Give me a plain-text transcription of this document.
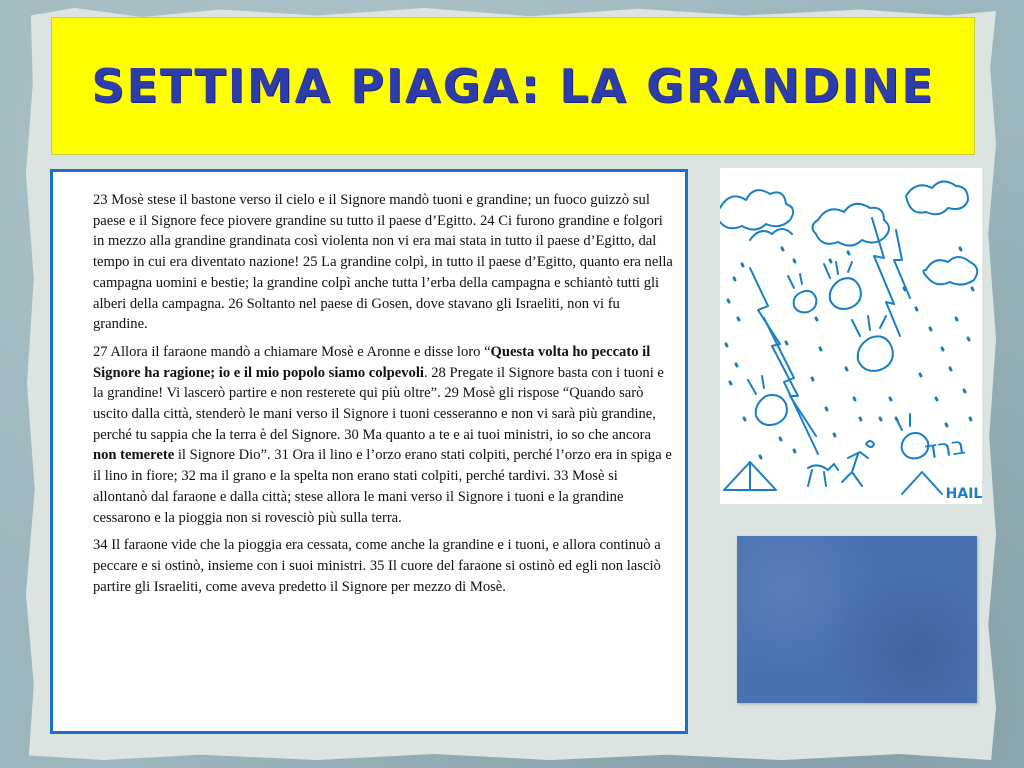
SETTIMA PIAGA: LA GRANDINE

23 Mosè stese il bastone verso il cielo e il Signore mandò tuoni e grandine; un fuoco guizzò sul paese e il Signore fece piovere grandine su tutto il paese d’Egitto. 24 Ci furono grandine e folgori in mezzo alla grandine grandinata così violenta non vi era mai stata in tutto il paese d’Egitto, dal tempo in cui era diventato nazione! 25 La grandine colpì, in tutto il paese d’Egitto, quanto era nella campagna uomini e bestie; la grandine colpì anche tutta l’erba della campagna e schiantò tutti gli alberi della campagna. 26 Soltanto nel paese di Gosen, dove stavano gli Israeliti, non vi fu grandine.

27 Allora il faraone mandò a chiamare Mosè e Aronne e disse loro “Questa volta ho peccato il Signore ha ragione; io e il mio popolo siamo colpevoli. 28 Pregate il Signore basta con i tuoni e la grandine! Vi lascerò partire e non resterete qui più oltre”. 29 Mosè gli rispose “Quando sarò uscito dalla città, stenderò le mani verso il Signore i tuoni cesseranno e non vi sarà più grandine, perché tu sappia che la terra è del Signore. 30 Ma quanto a te e ai tuoi ministri, io so che ancora non temerete il Signore Dio”. 31 Ora il lino e l’orzo erano stati colpiti, perché l’orzo era in spiga e il lino in fiore; 32 ma il grano e la spelta non erano stati colpiti, perché tardivi. 33 Mosè si allontanò dal faraone e dalla città; stese allora le mani verso il Signore i tuoni e la grandine cessarono e la pioggia non si rovesciò più sulla terra.

34 Il faraone vide che la pioggia era cessata, come anche la grandine e i tuoni, e allora continuò a peccare e si ostinò, insieme con i suoi ministri. 35 Il cuore del faraone si ostinò ed egli non lasciò partire gli Israeliti, come aveva predetto il Signore per mezzo di Mosè.

ברד
HAIL
